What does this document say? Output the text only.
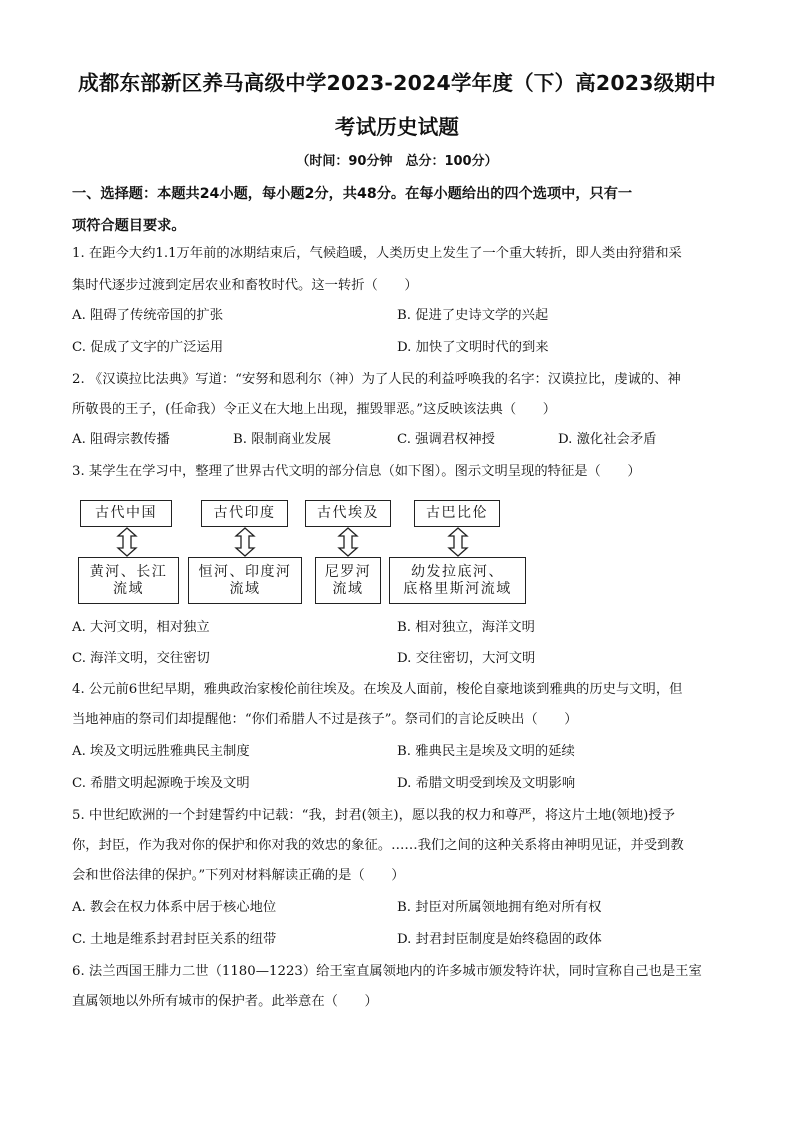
成都东部新区养马高级中学2023-2024学年度（下）高2023级期中
考试历史试题
（时间：90分钟　总分：100分）
一、选择题：本题共24小题，每小题2分，共48分。在每小题给出的四个选项中，只有一
项符合题目要求。
1. 在距今大约1.1万年前的冰期结束后，气候趋暖，人类历史上发生了一个重大转折，即人类由狩猎和采
集时代逐步过渡到定居农业和畜牧时代。这一转折（　　）
A. 阻碍了传统帝国的扩张	B. 促进了史诗文学的兴起
C. 促成了文字的广泛运用	D. 加快了文明时代的到来
2. 《汉谟拉比法典》写道：“安努和恩利尔（神）为了人民的利益呼唤我的名字：汉谟拉比，虔诚的、神
所敬畏的王子，(任命我）令正义在大地上出现，摧毁罪恶。”这反映该法典（　　）
A. 阻碍宗教传播	B. 限制商业发展	C. 强调君权神授	D. 激化社会矛盾
3. 某学生在学习中，整理了世界古代文明的部分信息（如下图）。图示文明呈现的特征是（　　）
古代中国	古代印度	古代埃及	古巴比伦
黄河、长江
流域
恒河、印度河
流域
尼罗河
流域
幼发拉底河、
底格里斯河流域
A. 大河文明，相对独立	B. 相对独立，海洋文明
C. 海洋文明，交往密切	D. 交往密切，大河文明
4. 公元前6世纪早期，雅典政治家梭伦前往埃及。在埃及人面前，梭伦自豪地谈到雅典的历史与文明，但
当地神庙的祭司们却提醒他：“你们希腊人不过是孩子”。祭司们的言论反映出（　　）
A. 埃及文明远胜雅典民主制度	B. 雅典民主是埃及文明的延续
C. 希腊文明起源晚于埃及文明	D. 希腊文明受到埃及文明影响
5. 中世纪欧洲的一个封建誓约中记载：“我，封君(领主)，愿以我的权力和尊严，将这片土地(领地)授予
你，封臣，作为我对你的保护和你对我的效忠的象征。……我们之间的这种关系将由神明见证，并受到教
会和世俗法律的保护。”下列对材料解读正确的是（　　）
A. 教会在权力体系中居于核心地位	B. 封臣对所属领地拥有绝对所有权
C. 土地是维系封君封臣关系的纽带	D. 封君封臣制度是始终稳固的政体
6. 法兰西国王腓力二世（1180—1223）给王室直属领地内的许多城市颁发特许状，同时宣称自己也是王室
直属领地以外所有城市的保护者。此举意在（　　）
